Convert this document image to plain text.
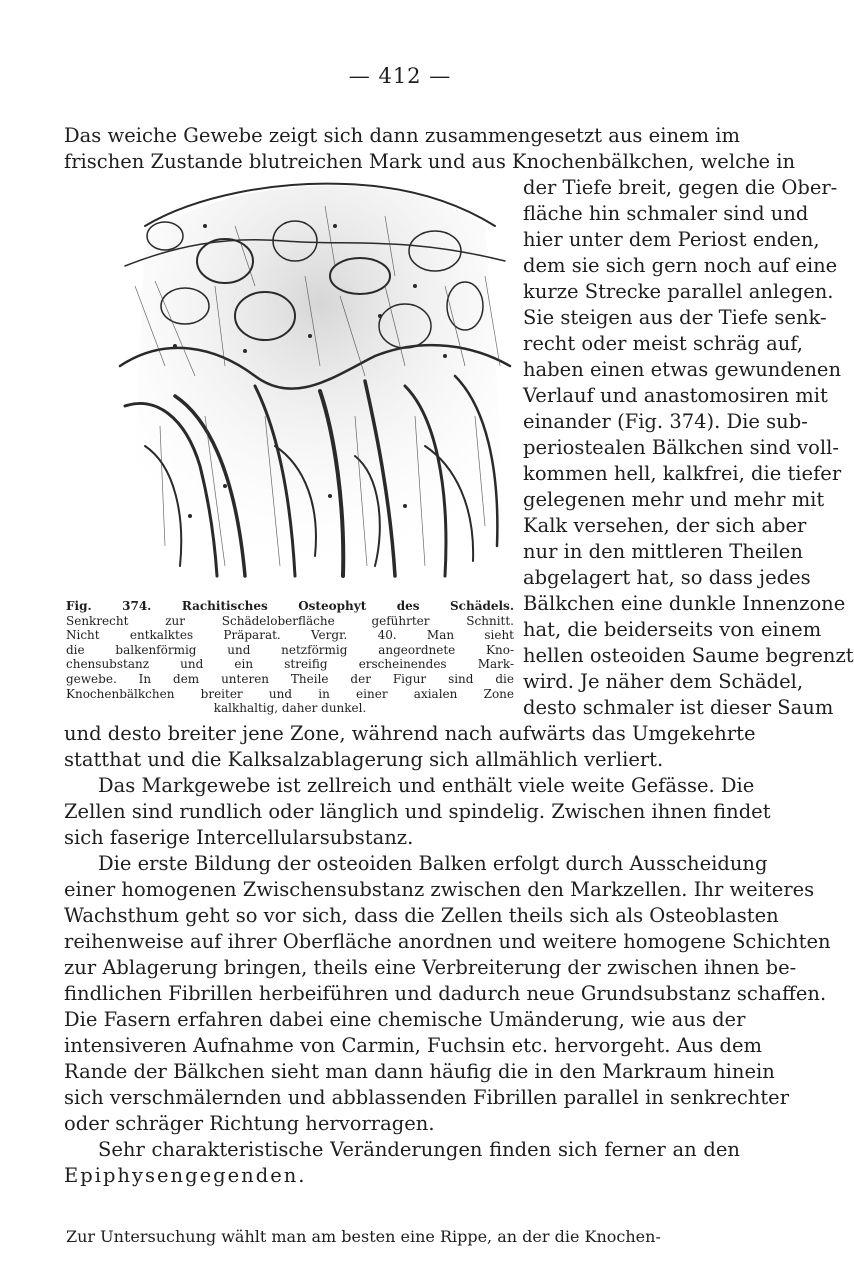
— 412 —
Das weiche Gewebe zeigt sich dann zusammengesetzt aus einem im
frischen Zustande blutreichen Mark und aus Knochenbälkchen, welche in
der Tiefe breit, gegen die Ober-
fläche hin schmaler sind und
hier unter dem Periost enden,
dem sie sich gern noch auf eine
kurze Strecke parallel anlegen.
Sie steigen aus der Tiefe senk-
recht oder meist schräg auf,
haben einen etwas gewundenen
Verlauf und anastomosiren mit
einander (Fig. 374). Die sub-
periostealen Bälkchen sind voll-
kommen hell, kalkfrei, die tiefer
gelegenen mehr und mehr mit
Kalk versehen, der sich aber
nur in den mittleren Theilen
abgelagert hat, so dass jedes
Bälkchen eine dunkle Innenzone
hat, die beiderseits von einem
hellen osteoiden Saume begrenzt
wird. Je näher dem Schädel,
desto schmaler ist dieser Saum
Fig. 374. Rachitisches Osteophyt des Schädels.
Senkrecht zur Schädeloberfläche geführter Schnitt.
Nicht entkalktes Präparat. Vergr. 40. Man sieht
die balkenförmig und netzförmig angeordnete Kno-
chensubstanz und ein streifig erscheinendes Mark-
gewebe. In dem unteren Theile der Figur sind die
Knochenbälkchen breiter und in einer axialen Zone
kalkhaltig, daher dunkel.
und desto breiter jene Zone, während nach aufwärts das Umgekehrte
statthat und die Kalksalzablagerung sich allmählich verliert.
Das Markgewebe ist zellreich und enthält viele weite Gefässe. Die
Zellen sind rundlich oder länglich und spindelig. Zwischen ihnen findet
sich faserige Intercellularsubstanz.
Die erste Bildung der osteoiden Balken erfolgt durch Ausscheidung
einer homogenen Zwischensubstanz zwischen den Markzellen. Ihr weiteres
Wachsthum geht so vor sich, dass die Zellen theils sich als Osteoblasten
reihenweise auf ihrer Oberfläche anordnen und weitere homogene Schichten
zur Ablagerung bringen, theils eine Verbreiterung der zwischen ihnen be-
findlichen Fibrillen herbeiführen und dadurch neue Grundsubstanz schaffen.
Die Fasern erfahren dabei eine chemische Umänderung, wie aus der
intensiveren Aufnahme von Carmin, Fuchsin etc. hervorgeht. Aus dem
Rande der Bälkchen sieht man dann häufig die in den Markraum hinein
sich verschmälernden und abblassenden Fibrillen parallel in senkrechter
oder schräger Richtung hervorragen.
Sehr charakteristische Veränderungen finden sich ferner an den
Epiphysengegenden.
Zur Untersuchung wählt man am besten eine Rippe, an der die Knochen-
